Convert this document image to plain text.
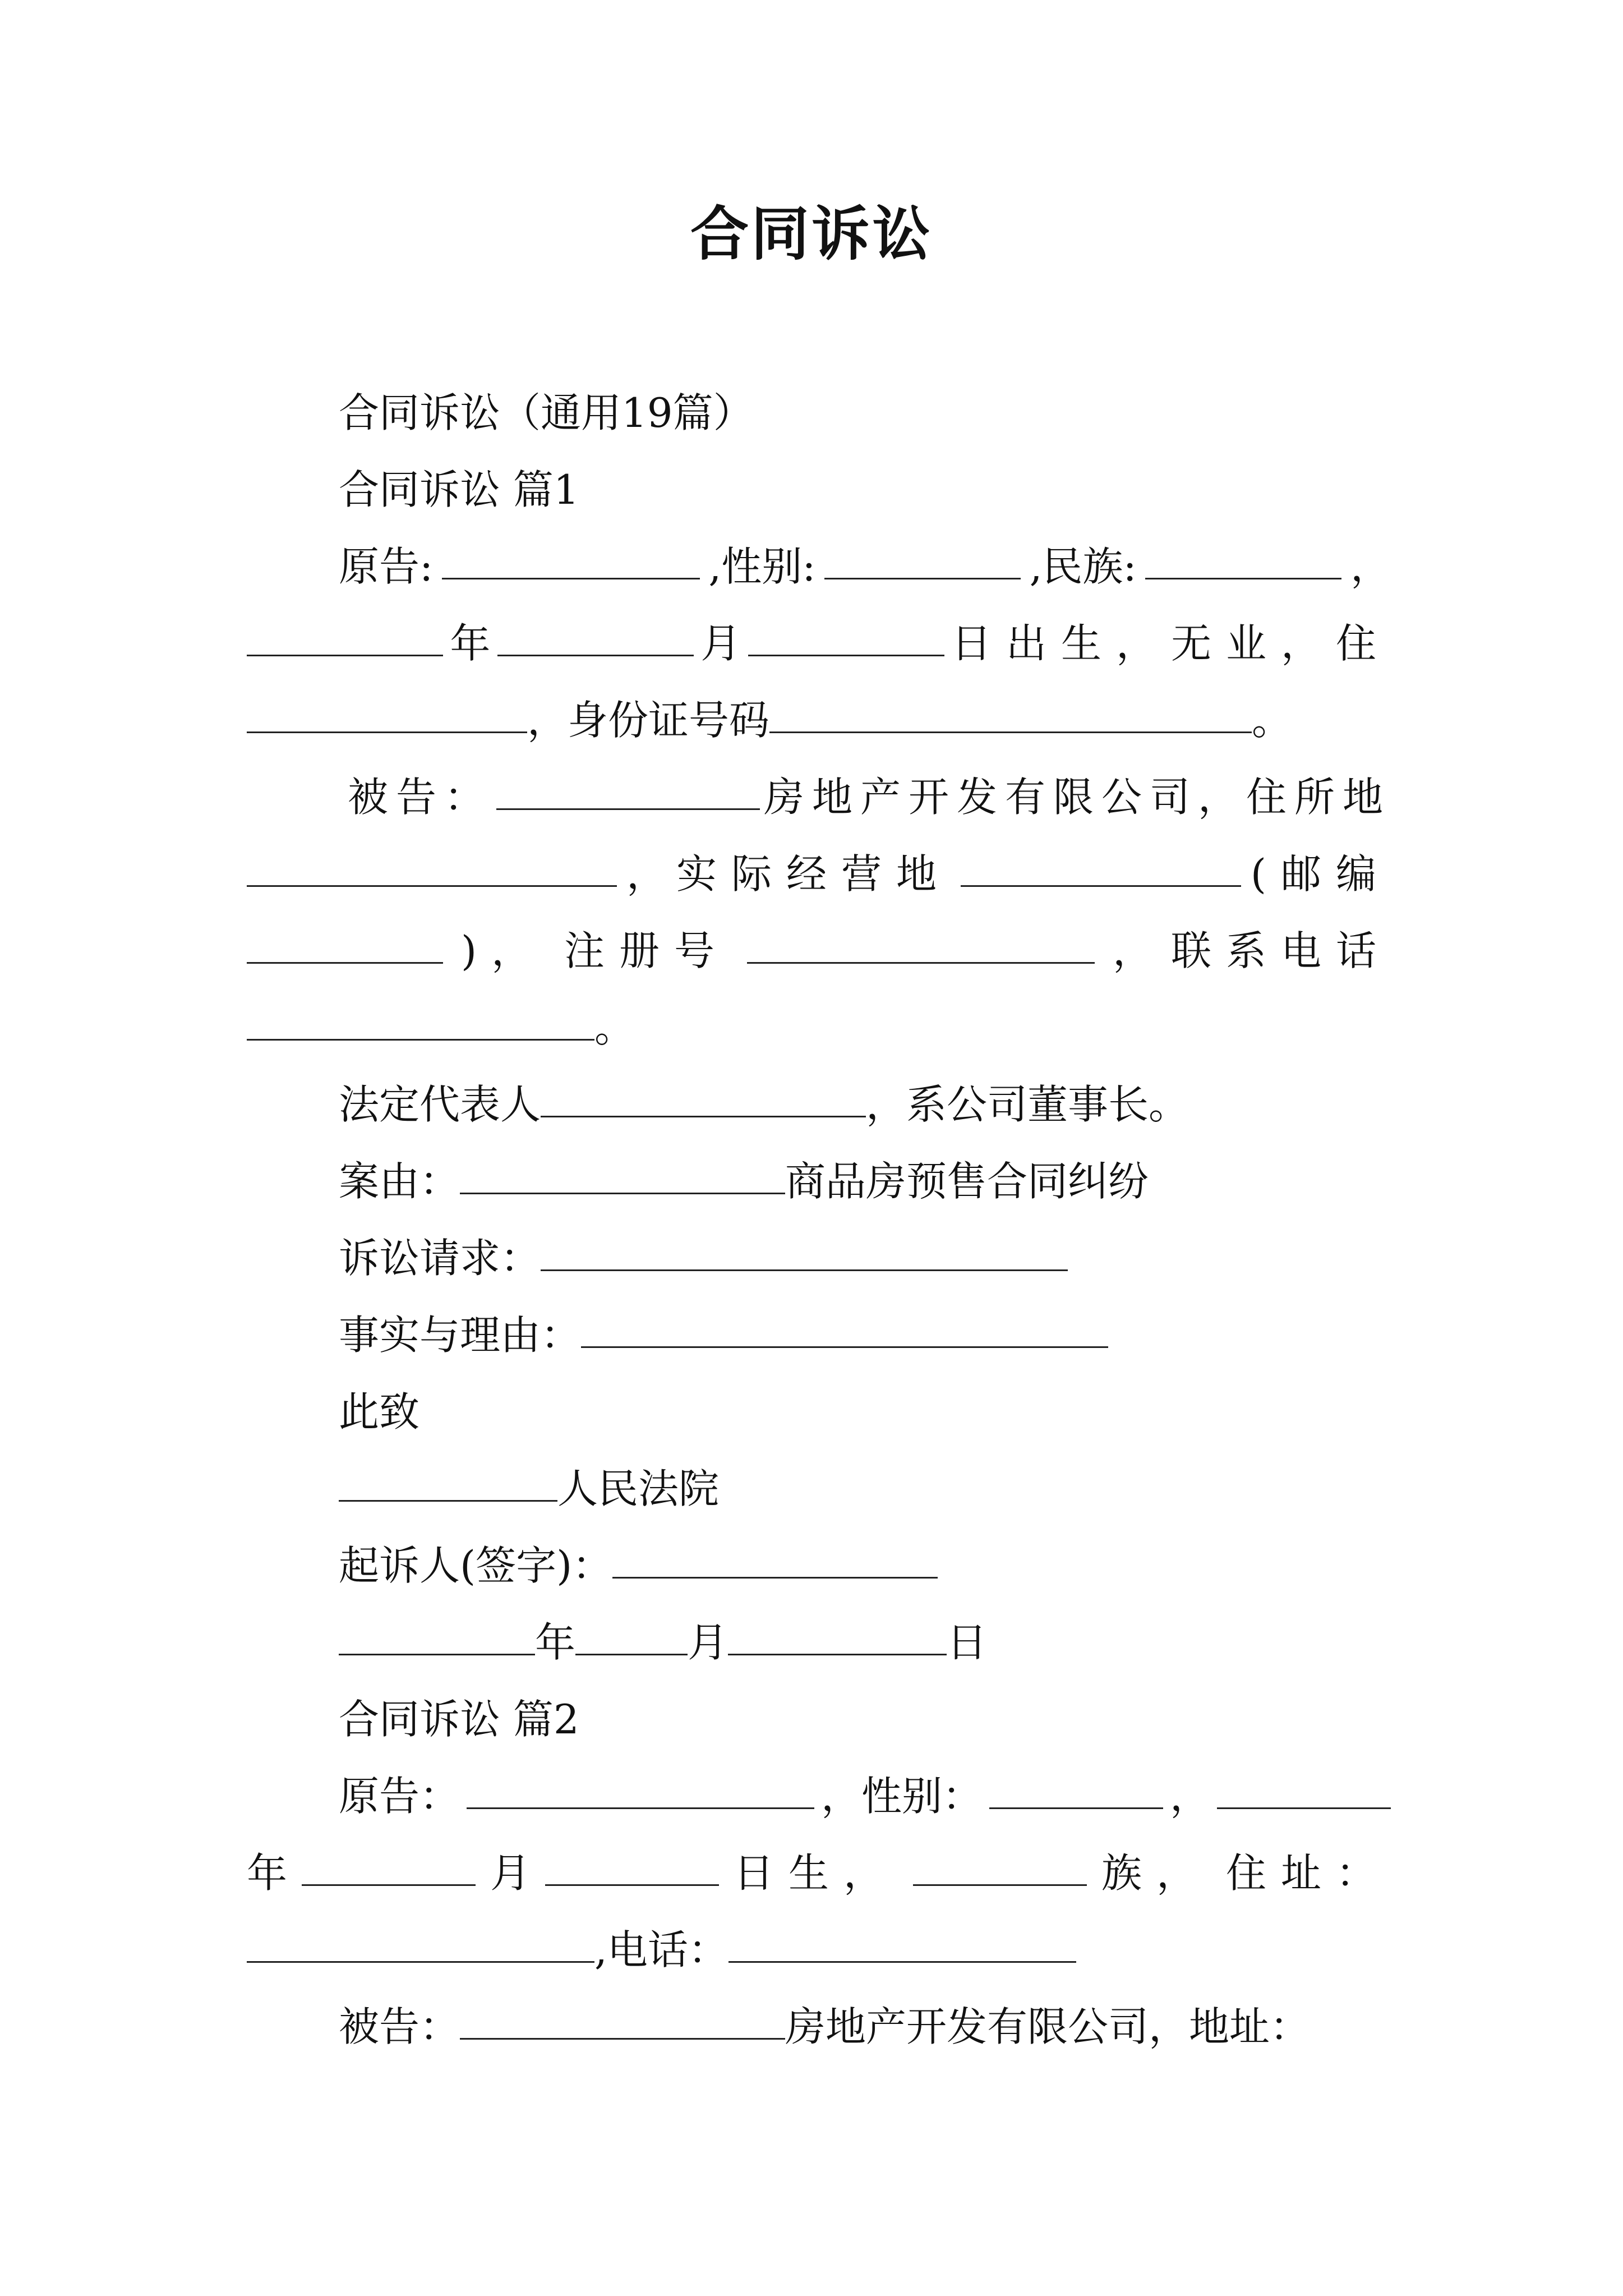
合同诉讼

合同诉讼（通用19篇）

合同诉讼 篇1

原告:	,性别:	,民族:	，

年	月	日出生，无业，住

，身份证号码	。

被告：	房地产开发有限公司，住所地

， 实际经营地	(邮编

)， 注册号	， 联系电话

。

法定代表人	，系公司董事长。

案由：	商品房预售合同纠纷

诉讼请求：

事实与理由：

此致

人民法院

起诉人(签字)：

年	月	日

合同诉讼 篇2

原告：	，性别：	，

年	月	日生，	族， 住址：

,电话：

被告：	房地产开发有限公司，地址：
